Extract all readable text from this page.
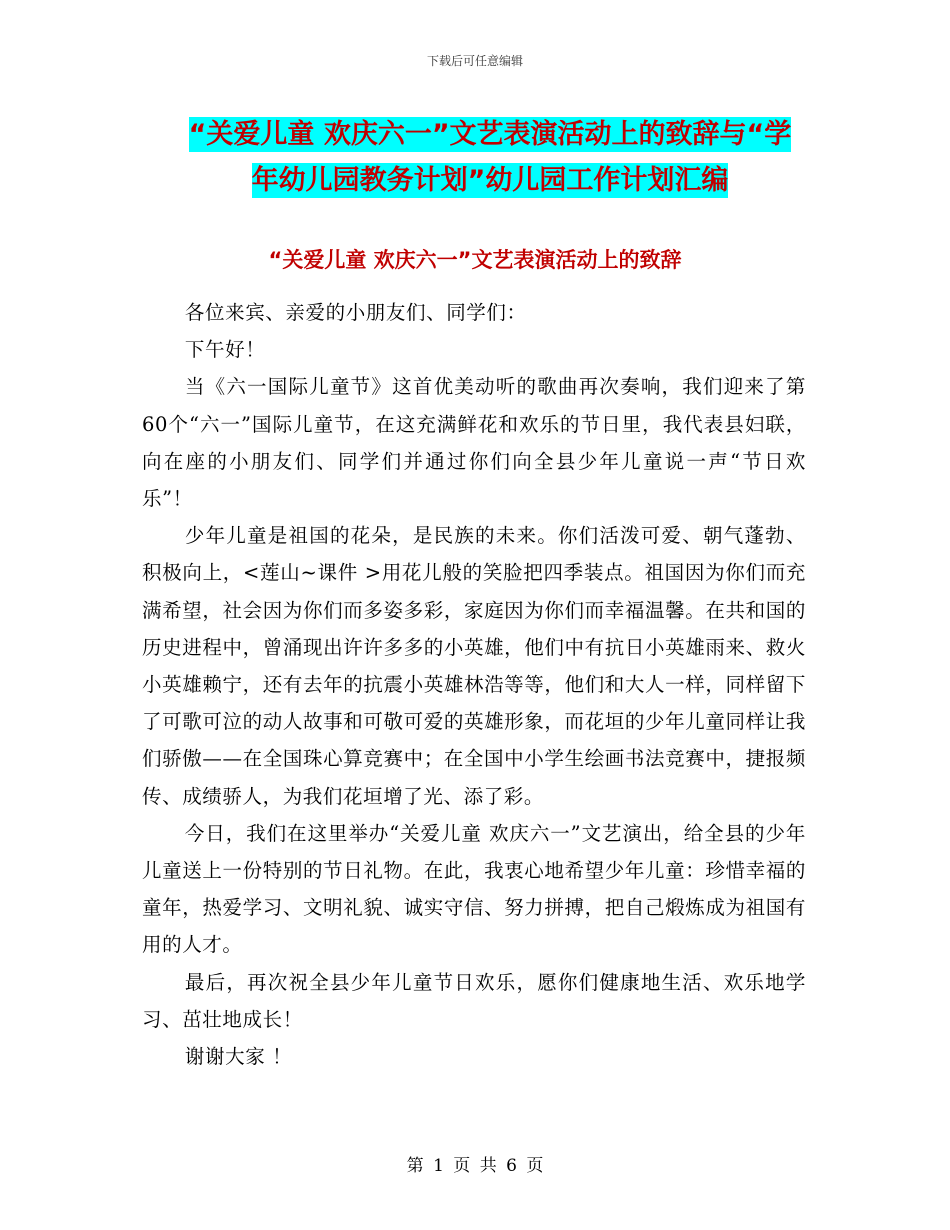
下载后可任意编辑
“关爱儿童 欢庆六一”文艺表演活动上的致辞与“学
年幼儿园教务计划”幼儿园工作计划汇编
“关爱儿童 欢庆六一”文艺表演活动上的致辞

各位来宾、亲爱的小朋友们、同学们：

下午好！

当《六一国际儿童节》这首优美动听的歌曲再次奏响，我们迎来了第60个“六一”国际儿童节，在这充满鲜花和欢乐的节日里，我代表县妇联，向在座的小朋友们、同学们并通过你们向全县少年儿童说一声“节日欢乐”！

少年儿童是祖国的花朵，是民族的未来。你们活泼可爱、朝气蓬勃、积极向上，<莲山~课件 >用花儿般的笑脸把四季装点。祖国因为你们而充满希望，社会因为你们而多姿多彩，家庭因为你们而幸福温馨。在共和国的历史进程中，曾涌现出许许多多的小英雄，他们中有抗日小英雄雨来、救火小英雄赖宁，还有去年的抗震小英雄林浩等等，他们和大人一样，同样留下了可歌可泣的动人故事和可敬可爱的英雄形象，而花垣的少年儿童同样让我们骄傲——在全国珠心算竞赛中；在全国中小学生绘画书法竞赛中，捷报频传、成绩骄人，为我们花垣增了光、添了彩。

今日，我们在这里举办“关爱儿童 欢庆六一”文艺演出，给全县的少年儿童送上一份特别的节日礼物。在此，我衷心地希望少年儿童：珍惜幸福的童年，热爱学习、文明礼貌、诚实守信、努力拼搏，把自己煅炼成为祖国有用的人才。

最后，再次祝全县少年儿童节日欢乐，愿你们健康地生活、欢乐地学习、茁壮地成长！

谢谢大家 ！

第 1 页 共 6 页
